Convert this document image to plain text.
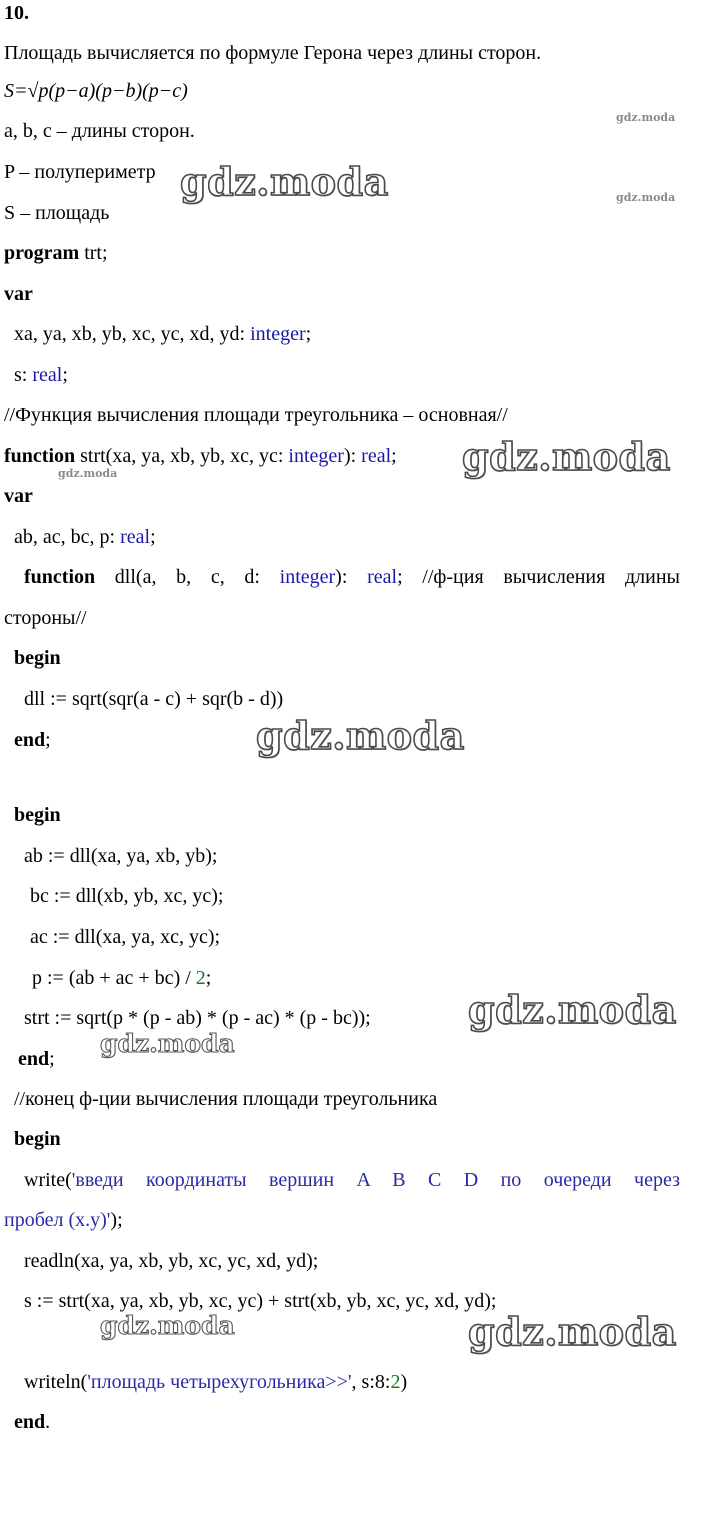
10.
Площадь вычисляется по формуле Герона через длины сторон.
S=√p(p−a)(p−b)(p−c)
a, b, c – длины сторон.
P – полупериметр
S – площадь
program trt;
var
xa, ya, xb, yb, xc, yc, xd, yd: integer;
s: real;
//Функция вычисления площади треугольника – основная//
function strt(xa, ya, xb, yb, xc, yc: integer): real;
var
ab, ac, bc, p: real;
function dll(a, b, c, d: integer): real; //ф-ция вычисления длины
стороны//
begin
dll := sqrt(sqr(a - c) + sqr(b - d))
end;
begin
ab := dll(xa, ya, xb, yb);
bc := dll(xb, yb, xc, yc);
ac := dll(xa, ya, xc, yc);
p := (ab + ac + bc) / 2;
strt := sqrt(p * (p - ab) * (p - ac) * (p - bc));
end;
//конец ф-ции вычисления площади треугольника
begin
write('введи координаты вершин A B C D по очереди через
пробел (x.y)');
readln(xa, ya, xb, yb, xc, yc, xd, yd);
s := strt(xa, ya, xb, yb, xc, yc) + strt(xb, yb, xc, yc, xd, yd);
writeln('площадь четырехугольника>>', s:8:2)
end.
gdz.moda
gdz.moda
gdz.moda
gdz.moda
gdz.moda
gdz.moda
gdz.moda
gdz.moda
gdz.moda	gdz.moda
